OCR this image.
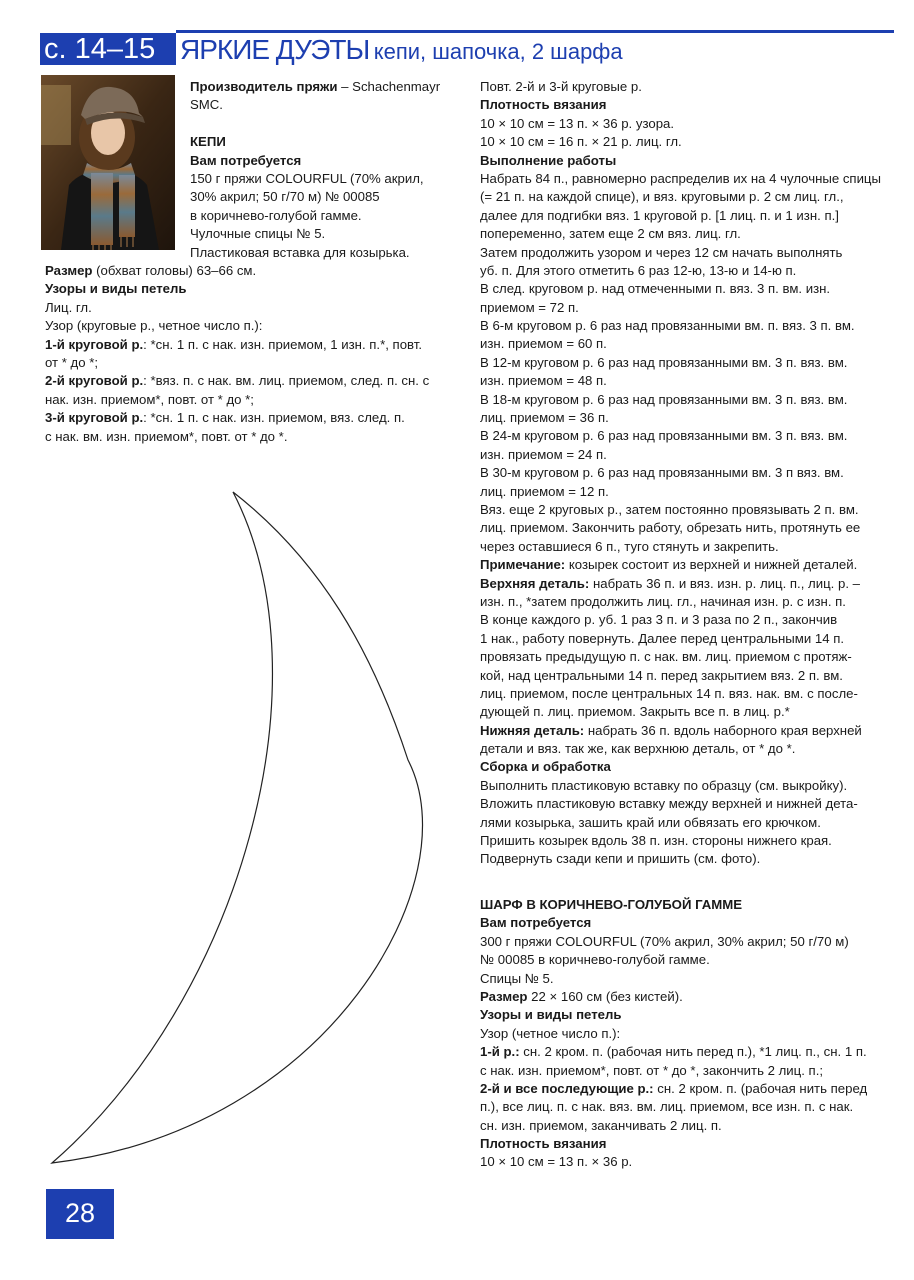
с. 14–15 ЯРКИЕ ДУЭТЫ кепи, шапочка, 2 шарфа
Производитель пряжи – Schachenmayr
SMC.
КЕПИ
Вам потребуется
150 г пряжи COLOURFUL (70% акрил,
30% акрил; 50 г/70 м) № 00085
в коричнево-голубой гамме.
Чулочные спицы № 5.
Пластиковая вставка для козырька.
Размер (обхват головы) 63–66 см.
Узоры и виды петель
Лиц. гл.
Узор (круговые р., четное число п.):
1-й круговой р.: *сн. 1 п. с нак. изн. приемом, 1 изн. п.*, повт.
от * до *;
2-й круговой р.: *вяз. п. с нак. вм. лиц. приемом, след. п. сн. с
нак. изн. приемом*, повт. от * до *;
3-й круговой р.: *сн. 1 п. с нак. изн. приемом, вяз. след. п.
с нак. вм. изн. приемом*, повт. от * до *.
Повт. 2-й и 3-й круговые р.
Плотность вязания
10 × 10 см = 13 п. × 36 р. узора.
10 × 10 см = 16 п. × 21 р. лиц. гл.
Выполнение работы
Набрать 84 п., равномерно распределив их на 4 чулочные спицы
(= 21 п. на каждой спице), и вяз. круговыми р. 2 см лиц. гл.,
далее для подгибки вяз. 1 круговой р. [1 лиц. п. и 1 изн. п.]
попеременно, затем еще 2 см вяз. лиц. гл.
Затем продолжить узором и через 12 см начать выполнять
уб. п. Для этого отметить 6 раз 12-ю, 13-ю и 14-ю п.
В след. круговом р. над отмеченными п. вяз. 3 п. вм. изн.
приемом = 72 п.
В 6-м круговом р. 6 раз над провязанными вм. п. вяз. 3 п. вм.
изн. приемом = 60 п.
В 12-м круговом р. 6 раз над провязанными вм. 3 п. вяз. вм.
изн. приемом = 48 п.
В 18-м круговом р. 6 раз над провязанными вм. 3 п. вяз. вм.
лиц. приемом = 36 п.
В 24-м круговом р. 6 раз над провязанными вм. 3 п. вяз. вм.
изн. приемом = 24 п.
В 30-м круговом р. 6 раз над провязанными вм. 3 п вяз. вм.
лиц. приемом = 12 п.
Вяз. еще 2 круговых р., затем постоянно провязывать 2 п. вм.
лиц. приемом. Закончить работу, обрезать нить, протянуть ее
через оставшиеся 6 п., туго стянуть и закрепить.
Примечание: козырек состоит из верхней и нижней деталей.
Верхняя деталь: набрать 36 п. и вяз. изн. р. лиц. п., лиц. р. –
изн. п., *затем продолжить лиц. гл., начиная изн. р. с изн. п.
В конце каждого р. уб. 1 раз 3 п. и 3 раза по 2 п., закончив
1 нак., работу повернуть. Далее перед центральными 14 п.
провязать предыдущую п. с нак. вм. лиц. приемом с протяж-
кой, над центральными 14 п. перед закрытием вяз. 2 п. вм.
лиц. приемом, после центральных 14 п. вяз. нак. вм. с после-
дующей п. лиц. приемом. Закрыть все п. в лиц. р.*
Нижняя деталь: набрать 36 п. вдоль наборного края верхней
детали и вяз. так же, как верхнюю деталь, от * до *.
Сборка и обработка
Выполнить пластиковую вставку по образцу (см. выкройку).
Вложить пластиковую вставку между верхней и нижней дета-
лями козырька, зашить край или обвязать его крючком.
Пришить козырек вдоль 38 п. изн. стороны нижнего края.
Подвернуть сзади кепи и пришить (см. фото).
ШАРФ В КОРИЧНЕВО-ГОЛУБОЙ ГАММЕ
Вам потребуется
300 г пряжи COLOURFUL (70% акрил, 30% акрил; 50 г/70 м)
№ 00085 в коричнево-голубой гамме.
Спицы № 5.
Размер 22 × 160 см (без кистей).
Узоры и виды петель
Узор (четное число п.):
1-й р.: сн. 2 кром. п. (рабочая нить перед п.), *1 лиц. п., сн. 1 п.
с нак. изн. приемом*, повт. от * до *, закончить 2 лиц. п.;
2-й и все последующие р.: сн. 2 кром. п. (рабочая нить перед
п.), все лиц. п. с нак. вяз. вм. лиц. приемом, все изн. п. с нак.
сн. изн. приемом, заканчивать 2 лиц. п.
Плотность вязания
10 × 10 см = 13 п. × 36 р.
28
